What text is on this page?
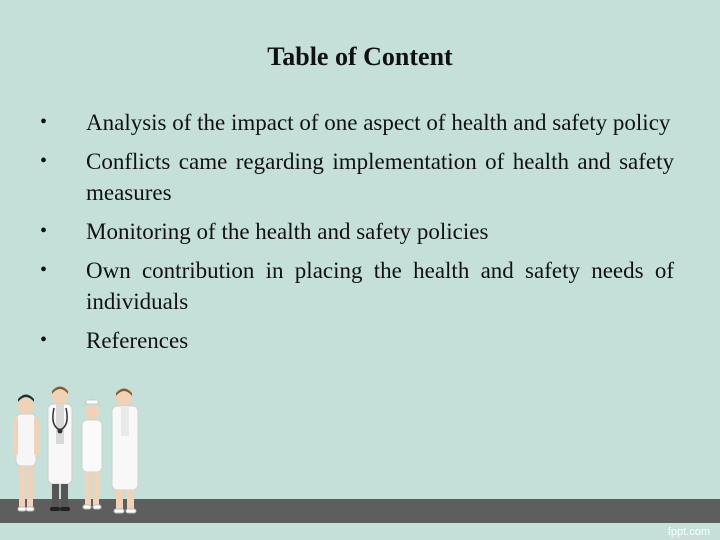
Table of Content
• Analysis of the impact of one aspect of health and safety policy
• Conflicts came regarding implementation of health and safety measures
• Monitoring of the health and safety policies
• Own contribution in placing the health and safety needs of individuals
• References
fppt.com
